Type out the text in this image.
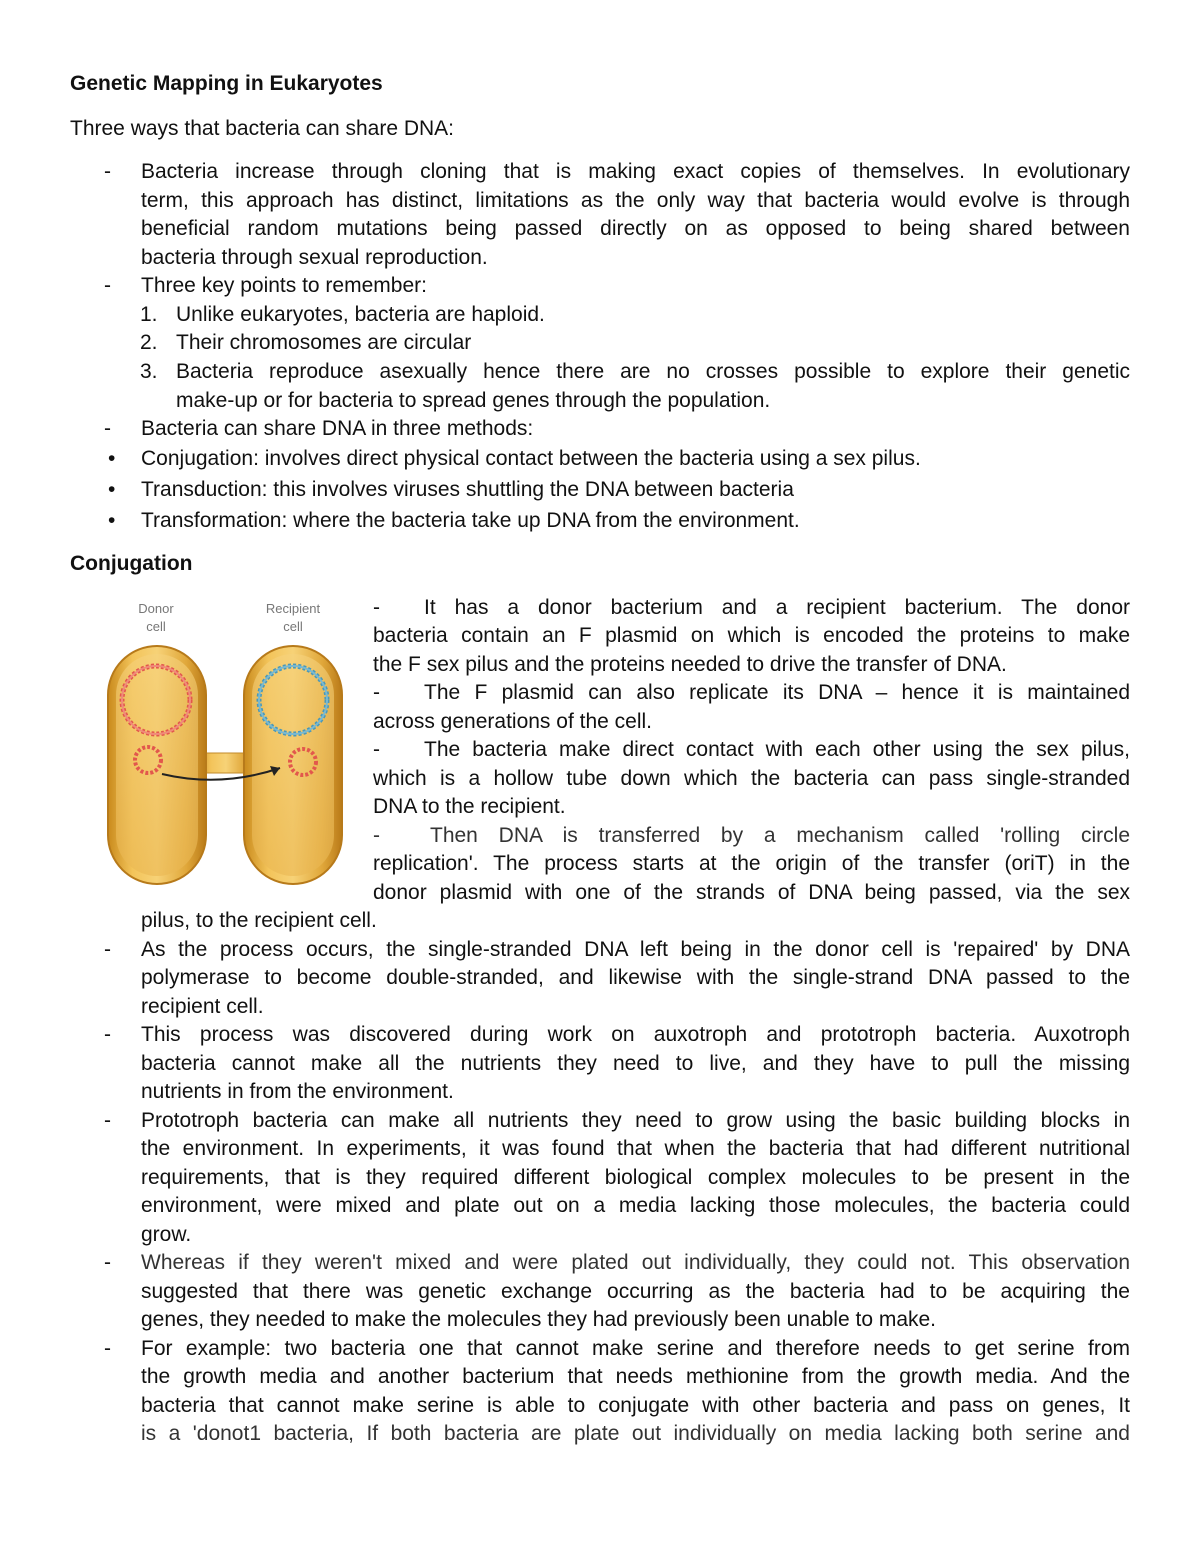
Genetic Mapping in Eukaryotes
Three ways that bacteria can share DNA:
- Bacteria increase through cloning that is making exact copies of themselves. In evolutionary
term, this approach has distinct, limitations as the only way that bacteria would evolve is through
beneficial random mutations being passed directly on as opposed to being shared between
bacteria through sexual reproduction.
- Three key points to remember:
1. Unlike eukaryotes, bacteria are haploid.
2. Their chromosomes are circular
3. Bacteria reproduce asexually hence there are no crosses possible to explore their genetic
make-up or for bacteria to spread genes through the population.
- Bacteria can share DNA in three methods:
• Conjugation: involves direct physical contact between the bacteria using a sex pilus.
• Transduction: this involves viruses shuttling the DNA between bacteria
• Transformation: where the bacteria take up DNA from the environment.
Conjugation
Donor
cell
Recipient
cell
- It has a donor bacterium and a recipient bacterium. The donor
bacteria contain an F plasmid on which is encoded the proteins to make
the F sex pilus and the proteins needed to drive the transfer of DNA.
- The F plasmid can also replicate its DNA – hence it is maintained
across generations of the cell.
- The bacteria make direct contact with each other using the sex pilus,
which is a hollow tube down which the bacteria can pass single-stranded
DNA to the recipient.
- Then DNA is transferred by a mechanism called 'rolling circle
replication'. The process starts at the origin of the transfer (oriT) in the
donor plasmid with one of the strands of DNA being passed, via the sex
pilus, to the recipient cell.
- As the process occurs, the single-stranded DNA left being in the donor cell is 'repaired' by DNA
polymerase to become double-stranded, and likewise with the single-strand DNA passed to the
recipient cell.
- This process was discovered during work on auxotroph and prototroph bacteria. Auxotroph
bacteria cannot make all the nutrients they need to live, and they have to pull the missing
nutrients in from the environment.
- Prototroph bacteria can make all nutrients they need to grow using the basic building blocks in
the environment. In experiments, it was found that when the bacteria that had different nutritional
requirements, that is they required different biological complex molecules to be present in the
environment, were mixed and plate out on a media lacking those molecules, the bacteria could
grow.
- Whereas if they weren't mixed and were plated out individually, they could not. This observation
suggested that there was genetic exchange occurring as the bacteria had to be acquiring the
genes, they needed to make the molecules they had previously been unable to make.
- For example: two bacteria one that cannot make serine and therefore needs to get serine from
the growth media and another bacterium that needs methionine from the growth media. And the
bacteria that cannot make serine is able to conjugate with other bacteria and pass on genes, It
is a 'donot1 bacteria, If both bacteria are plate out individually on media lacking both serine and
